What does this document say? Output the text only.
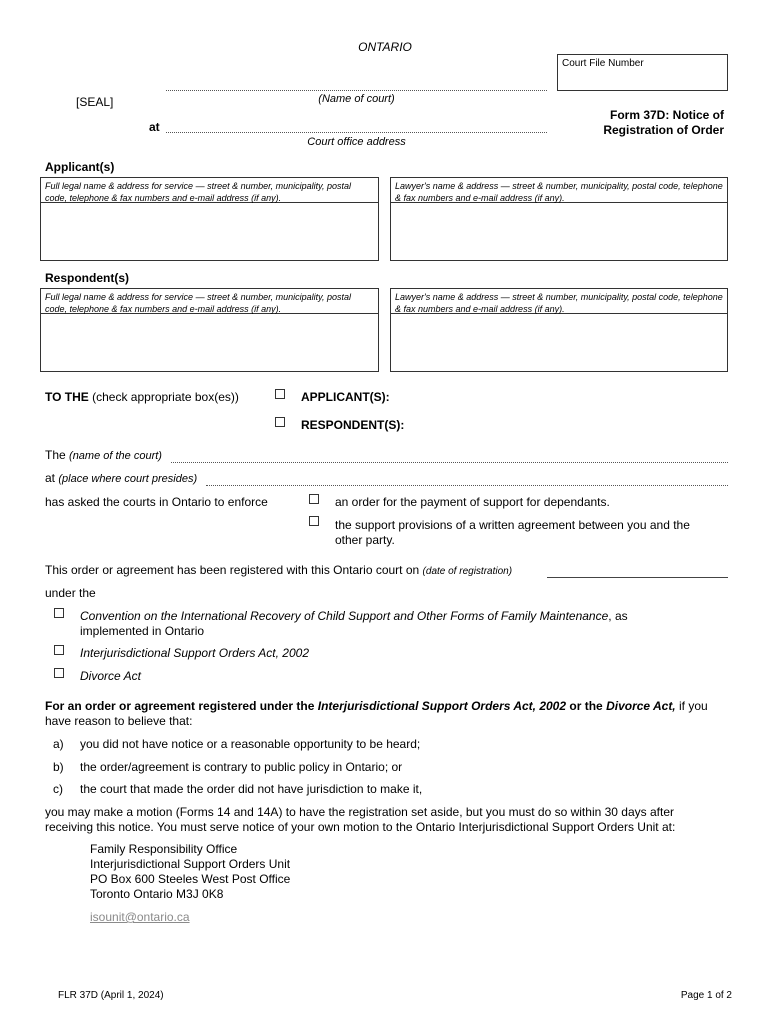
ONTARIO
Court File Number
[SEAL]	(Name of court)
at
Court office address
Form 37D: Notice of
Registration of Order
Applicant(s)
Full legal name & address for service — street & number, municipality, postal code, telephone & fax numbers and e-mail address (if any).
Lawyer's name & address — street & number, municipality, postal code, telephone & fax numbers and e-mail address (if any).
Respondent(s)
Full legal name & address for service — street & number, municipality, postal code, telephone & fax numbers and e-mail address (if any).
Lawyer's name & address — street & number, municipality, postal code, telephone & fax numbers and e-mail address (if any).
TO THE (check appropriate box(es))	APPLICANT(S):
RESPONDENT(S):
The (name of the court)
at (place where court presides)
has asked the courts in Ontario to enforce	an order for the payment of support for dependants.
the support provisions of a written agreement between you and the other party.
This order or agreement has been registered with this Ontario court on (date of registration)
under the
Convention on the International Recovery of Child Support and Other Forms of Family Maintenance, as implemented in Ontario
Interjurisdictional Support Orders Act, 2002
Divorce Act
For an order or agreement registered under the Interjurisdictional Support Orders Act, 2002 or the Divorce Act, if you have reason to believe that:
a) you did not have notice or a reasonable opportunity to be heard;
b) the order/agreement is contrary to public policy in Ontario; or
c) the court that made the order did not have jurisdiction to make it,
you may make a motion (Forms 14 and 14A) to have the registration set aside, but you must do so within 30 days after receiving this notice. You must serve notice of your own motion to the Ontario Interjurisdictional Support Orders Unit at:
Family Responsibility Office
Interjurisdictional Support Orders Unit
PO Box 600 Steeles West Post Office
Toronto Ontario M3J 0K8
isounit@ontario.ca
FLR 37D (April 1, 2024)	Page 1 of 2
